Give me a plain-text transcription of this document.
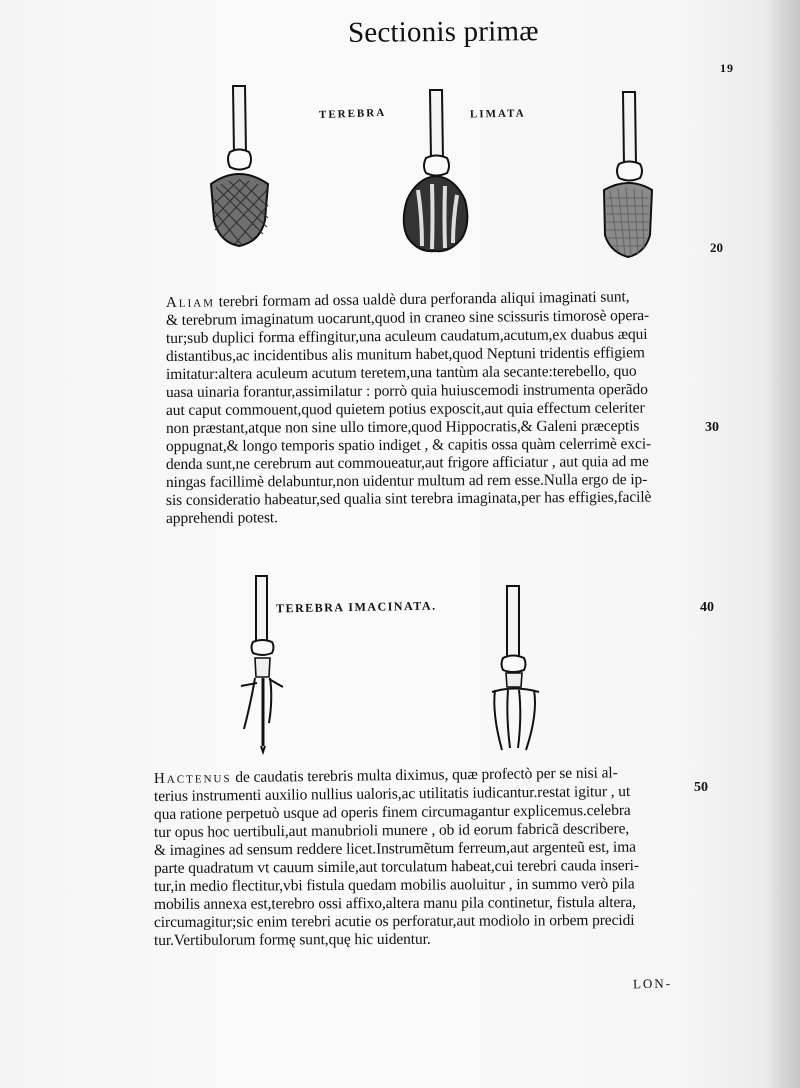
Sectionis primæ
19
TEREBRA	LIMATA
TEREBRA IMACINATA.
20
30
40
50
Aliam terebri formam ad ossa ualdè dura perforanda aliqui imaginati sunt,
& terebrum imaginatum uocarunt,quod in craneo sine scissuris timorosè opera-
tur;sub duplici forma effingitur,una aculeum caudatum,acutum,ex duabus æqui
distantibus,ac incidentibus alis munitum habet,quod Neptuni tridentis effigiem
imitatur:altera aculeum acutum teretem,una tantùm ala secante:terebello, quo
uasa uinaria forantur,assimilatur : porrò quia huiuscemodi instrumenta operãdo
aut caput commouent,quod quietem potius exposcit,aut quia effectum celeriter
non præstant,atque non sine ullo timore,quod Hippocratis,& Galeni præceptis
oppugnat,& longo temporis spatio indiget , & capitis ossa quàm celerrimè exci-
denda sunt,ne cerebrum aut commoueatur,aut frigore afficiatur , aut quia ad me
ningas facillimè delabuntur,non uidentur multum ad rem esse.Nulla ergo de ip-
sis consideratio habeatur,sed qualia sint terebra imaginata,per has effigies,facilè
apprehendi potest.
Hactenus de caudatis terebris multa diximus, quæ profectò per se nisi al-
terius instrumenti auxilio nullius ualoris,ac utilitatis iudicantur.restat igitur , ut
qua ratione perpetuò usque ad operis finem circumagantur explicemus.celebra
tur opus hoc uertibuli,aut manubrioli munere , ob id eorum fabricã describere,
& imagines ad sensum reddere licet.Instrumẽtum ferreum,aut argenteũ est, ima
parte quadratum vt cauum simile,aut torculatum habeat,cui terebri cauda inseri-
tur,in medio flectitur,vbi fistula quedam mobilis auoluitur , in summo verò pila
mobilis annexa est,terebro ossi affixo,altera manu pila continetur, fistula altera,
circumagitur;sic enim terebri acutie os perforatur,aut modiolo in orbem precidi
tur.Vertibulorum formę sunt,quę hic uidentur.
LON-
